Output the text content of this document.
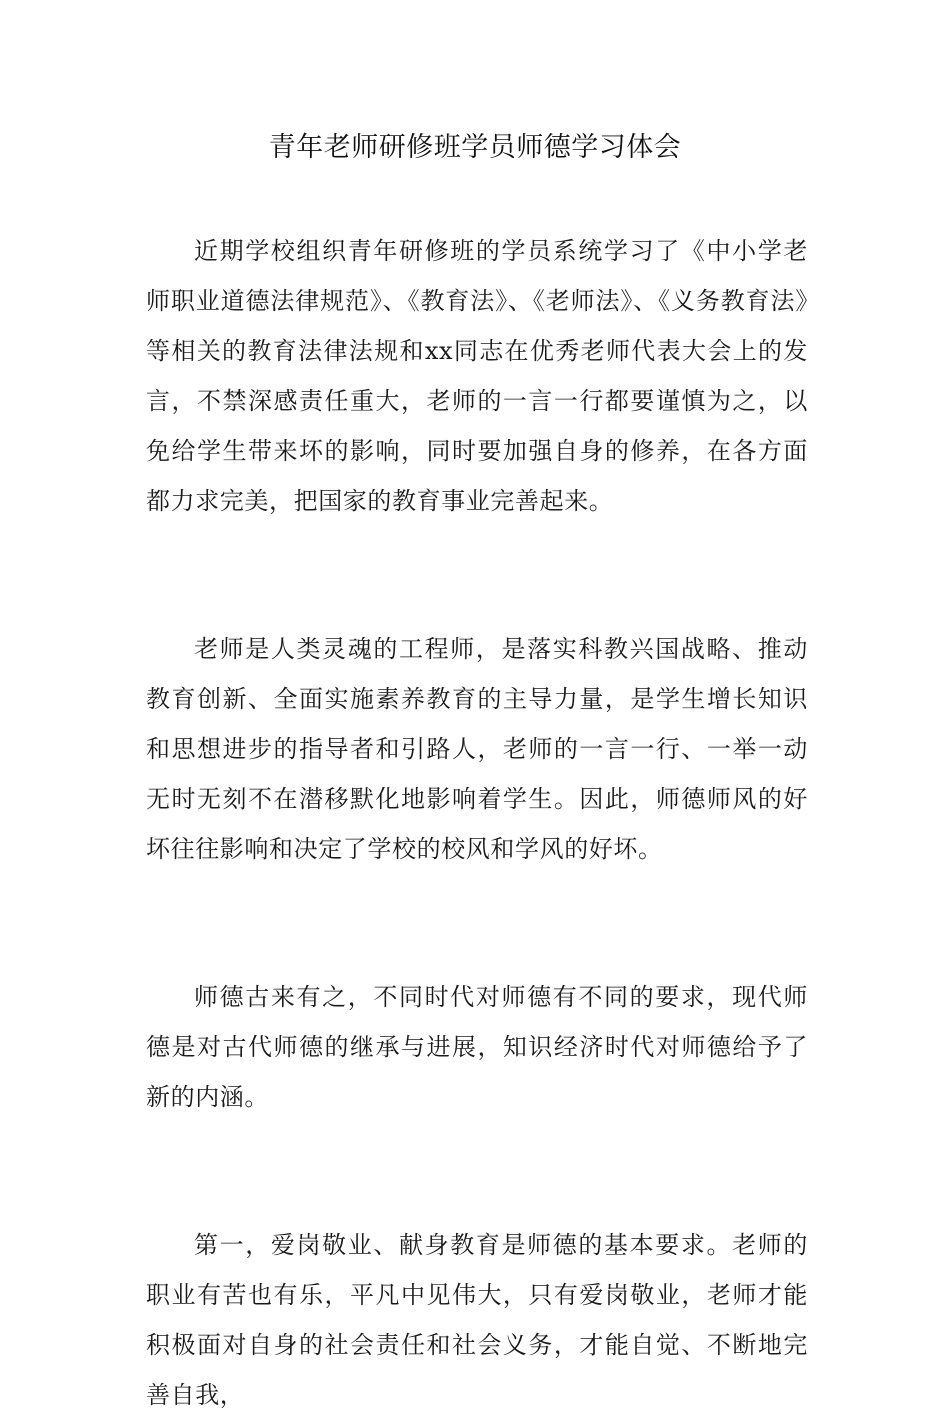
青年老师研修班学员师德学习体会

近期学校组织青年研修班的学员系统学习了《中小学老师职业道德法律规范》、《教育法》、《老师法》、《义务教育法》等相关的教育法律法规和xx同志在优秀老师代表大会上的发言，不禁深感责任重大，老师的一言一行都要谨慎为之，以免给学生带来坏的影响，同时要加强自身的修养，在各方面都力求完美，把国家的教育事业完善起来。

老师是人类灵魂的工程师，是落实科教兴国战略、推动教育创新、全面实施素养教育的主导力量，是学生增长知识和思想进步的指导者和引路人，老师的一言一行、一举一动无时无刻不在潜移默化地影响着学生。因此，师德师风的好坏往往影响和决定了学校的校风和学风的好坏。

师德古来有之，不同时代对师德有不同的要求，现代师德是对古代师德的继承与进展，知识经济时代对师德给予了新的内涵。

第一，爱岗敬业、献身教育是师德的基本要求。老师的职业有苦也有乐，平凡中见伟大，只有爱岗敬业，老师才能积极面对自身的社会责任和社会义务，才能自觉、不断地完善自我，
